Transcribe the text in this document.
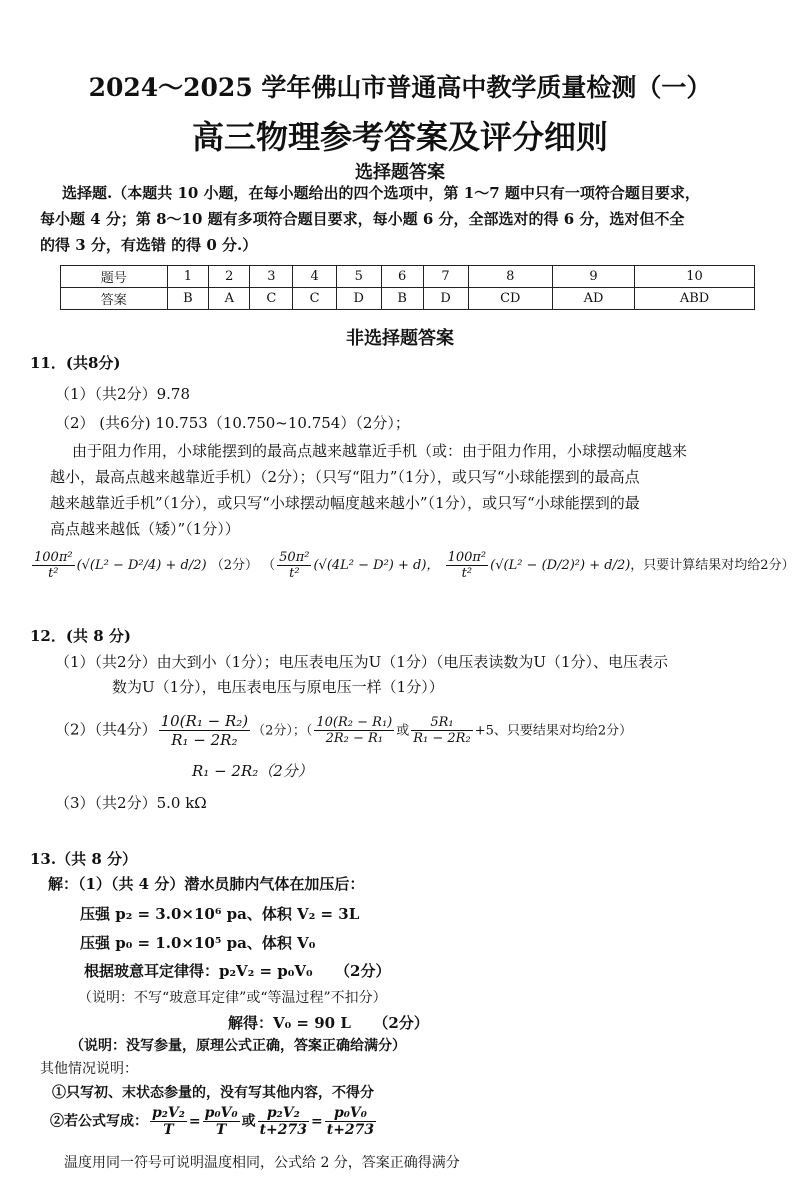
2024～2025 学年佛山市普通高中教学质量检测（一）
高三物理参考答案及评分细则
选择题答案
选择题.（本题共 10 小题，在每小题给出的四个选项中，第 1～7 题中只有一项符合题目要求，
每小题 4 分；第 8～10 题有多项符合题目要求，每小题 6 分，全部选对的得 6 分，选对但不全
的得 3 分，有选错 的得 0 分.）
题号	1	2	3	4	5	6	7	8	9	10
答案	B	A	C	C	D	B	D	CD	AD	ABD
非选择题答案
11．(共8分)
（1）（共2分）9.78
（2） (共6分) 10.753（10.750~10.754）（2分）；
由于阻力作用，小球能摆到的最高点越来越靠近手机（或：由于阻力作用，小球摆动幅度越来
越小，最高点越来越靠近手机）（2分）；（只写“阻力”（1分），或只写“小球能摆到的最高点
越来越靠近手机”（1分），或只写“小球摆动幅度越来越小”（1分），或只写“小球能摆到的最
高点越来越低（矮）”（1分））
$\frac{\text{100π²}}{\text{t²}} (√(L^2 - D^2/4) + d/2)$ （2分） （ $\frac{\text{50π²}}{\text{t²}} (√(4L^2 - D^2) + d)$， $\frac{\text{100π²}}{\text{t²}} (√(L^2 - (D/2)^2) + d/2)$，只要计算结果对均给2分）
12．(共 8 分)
（1）（共2分）由大到小（1分）；电压表电压为U（1分）（电压表读数为U（1分）、电压表示
数为U（1分），电压表电压与原电压一样（1分））
（2）（共4分） $\frac{\text{10(R₁ − R₂)}}{\text{R₁ − 2R₂}} (2$分）；（ $\frac{\text{10(R₂ − R₁)}}{\text{2R₂ − R₁}}$ 或 $\frac{\text{5R₁}}{\text{R₁ − 2R₂}} +5$、只要结果对均给2分）
R₁ − 2R₂（2分）
（3）（共2分）5.0 kΩ
13.（共 8 分）
解：（1）（共 4 分）潜水员肺内气体在加压后：
压强 p₂ = 3.0×10⁶ pa、体积 V₂ = 3L
压强 p₀ = 1.0×10⁵ pa、体积 V₀
根据玻意耳定律得：p₂V₂ = p₀V₀　　（2分）
（说明：不写“玻意耳定律”或“等温过程”不扣分）
解得：V₀ = 90 L　　（2分）
（说明：没写参量，原理公式正确，答案正确给满分）
其他情况说明：
①只写初、末状态参量的，没有写其他内容，不得分
②若公式写成： $\frac{\text{p₂V₂}}{T} = \frac{\text{p₀V₀}}{T}$ 或 $\frac{\text{p₂V₂}}{t+273} = \frac{\text{p₀V₀}}{t+273}$
温度用同一符号可说明温度相同，公式给 2 分，答案正确得满分
